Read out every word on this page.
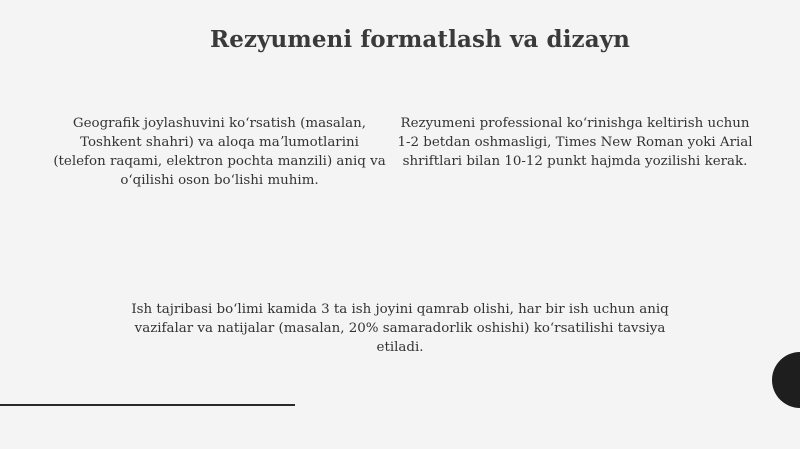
Rezyumeni formatlash va dizayn

Geografik joylashuvini koʻrsatish (masalan, Toshkent shahri) va aloqa maʼlumotlarini (telefon raqami, elektron pochta manzili) aniq va oʻqilishi oson boʻlishi muhim.

Rezyumeni professional koʻrinishga keltirish uchun 1-2 betdan oshmasligi, Times New Roman yoki Arial shriftlari bilan 10-12 punkt hajmda yozilishi kerak.

Ish tajribasi boʻlimi kamida 3 ta ish joyini qamrab olishi, har bir ish uchun aniq vazifalar va natijalar (masalan, 20% samaradorlik oshishi) koʻrsatilishi tavsiya etiladi.
